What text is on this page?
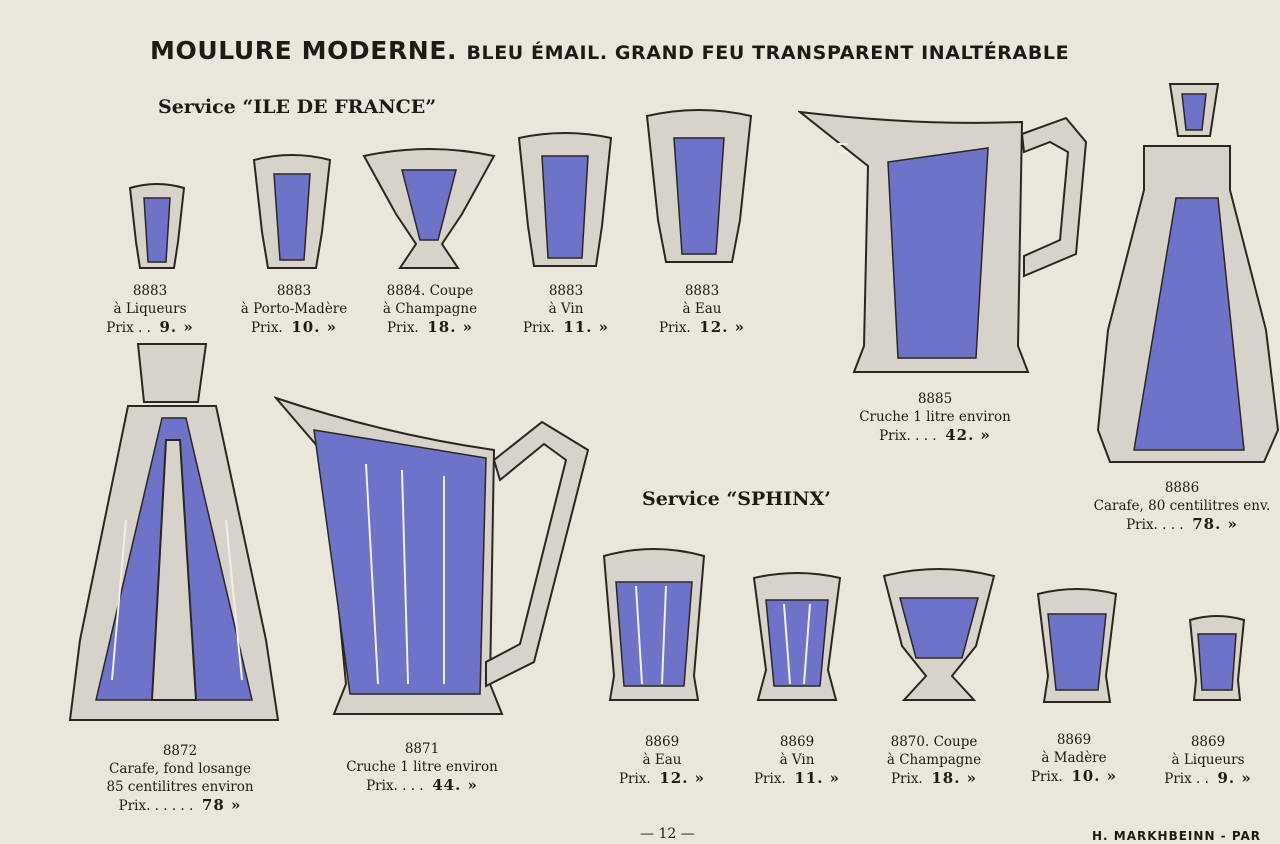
MOULURE MODERNE. BLEU ÉMAIL. GRAND FEU TRANSPARENT INALTÉRABLE
Service “ILE DE FRANCE”
Service “SPHINX’
8883
à Liqueurs
Prix . . 9. »
8883
à Porto-Madère
Prix. 10. »
8884. Coupe
à Champagne
Prix. 18. »
8883
à Vin
Prix. 11. »
8883
à Eau
Prix. 12. »
8885
Cruche 1 litre environ
Prix. . . . 42. »
8886
Carafe, 80 centilitres env.
Prix. . . . 78. »
8872
Carafe, fond losange
85 centilitres environ
Prix. . . . . . 78 »
8871
Cruche 1 litre environ
Prix. . . . 44. »
8869
à Eau
Prix. 12. »
8869
à Vin
Prix. 11. »
8870. Coupe
à Champagne
Prix. 18. »
8869
à Madère
Prix. 10. »
8869
à Liqueurs
Prix . . 9. »
— 12 —	H. MARKHBEINN - PAR
